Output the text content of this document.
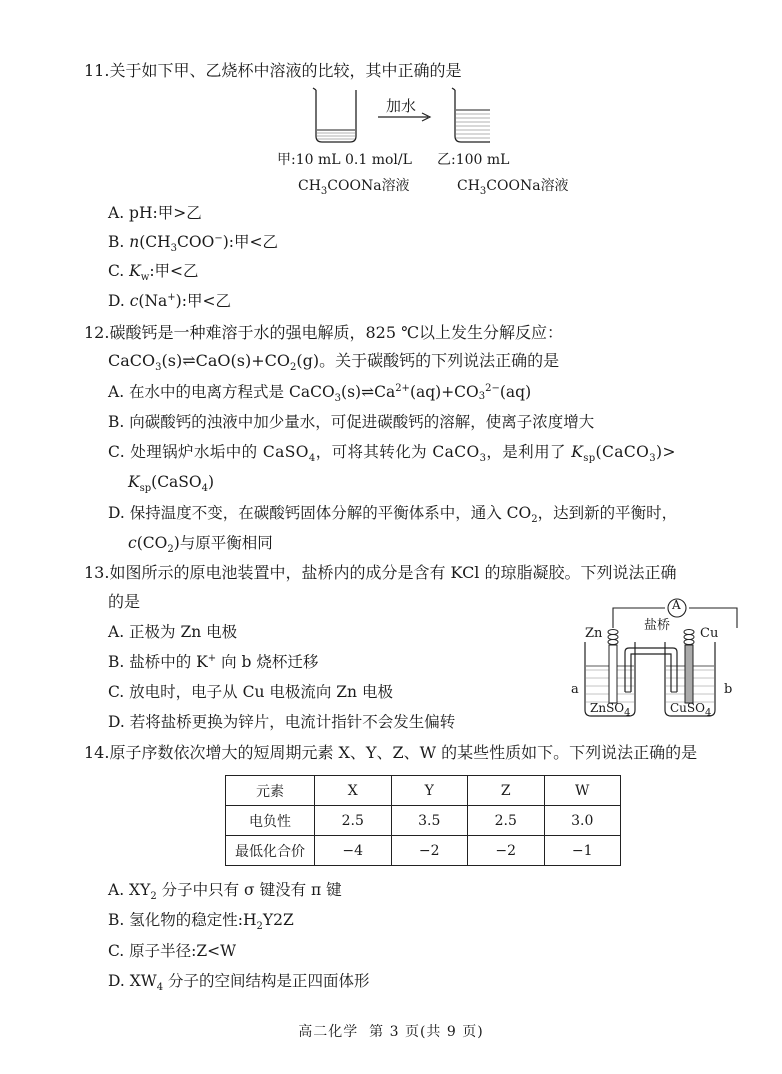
11.关于如下甲、乙烧杯中溶液的比较，其中正确的是
加水
甲:10 mL 0.1 mol/L 乙:100 mL
$CH_3COONa$溶液	$CH_3COONa$溶液
A. pH:甲>乙
B. $n(CH_3COO^-)$:甲<乙
C. $K_w$:甲<乙
D. c(Na+):甲<乙
12.碳酸钙是一种难溶于水的强电解质，825 ℃以上发生分解反应：
$CaCO_3(s)\rightleftharpoons CaO(s)+CO_2(g)$。关于碳酸钙的下列说法正确的是
A. 在水中的电离方程式是 $CaCO_3(s)\rightleftharpoons Ca^{2+}(aq)+CO_3^{2-}(aq)$
B. 向碳酸钙的浊液中加少量水，可促进碳酸钙的溶解，使离子浓度增大
C. 处理锅炉水垢中的 CaSO$_4$，可将其转化为 CaCO$_3$，是利用了 $K_{sp}(CaCO_3)>$
$K_{sp}(CaSO_4)$
D. 保持温度不变，在碳酸钙固体分解的平衡体系中，通入 $CO_2$，达到新的平衡时，
$c(CO_2)$与原平衡相同
13.如图所示的原电池装置中，盐桥内的成分是含有 KCl 的琼脂凝胶。下列说法正确
的是
A. 正极为 Zn 电极
B. 盐桥中的 K+ 向 b 烧杯迁移
C. 放电时，电子从 Cu 电极流向 Zn 电极
D. 若将盐桥更换为锌片，电流计指针不会发生偏转
A
盐桥
Zn	Cu
a	b
ZnSO$_4$	CuSO$_4$
14.原子序数依次增大的短周期元素 X、Y、Z、W 的某些性质如下。下列说法正确的是
元素	X	Y	Z	W
电负性	2.5	3.5	2.5	3.0
最低化合价	−4	−2	−2	−1
A. $XY_2$ 分子中只有 σ 键没有 π 键
B. 氢化物的稳定性$:H_2Y2Z$
C. 原子半径:Z<W
D. $XW_4$ 分子的空间结构是正四面体形
高二化学  第 3 页(共 9 页)
